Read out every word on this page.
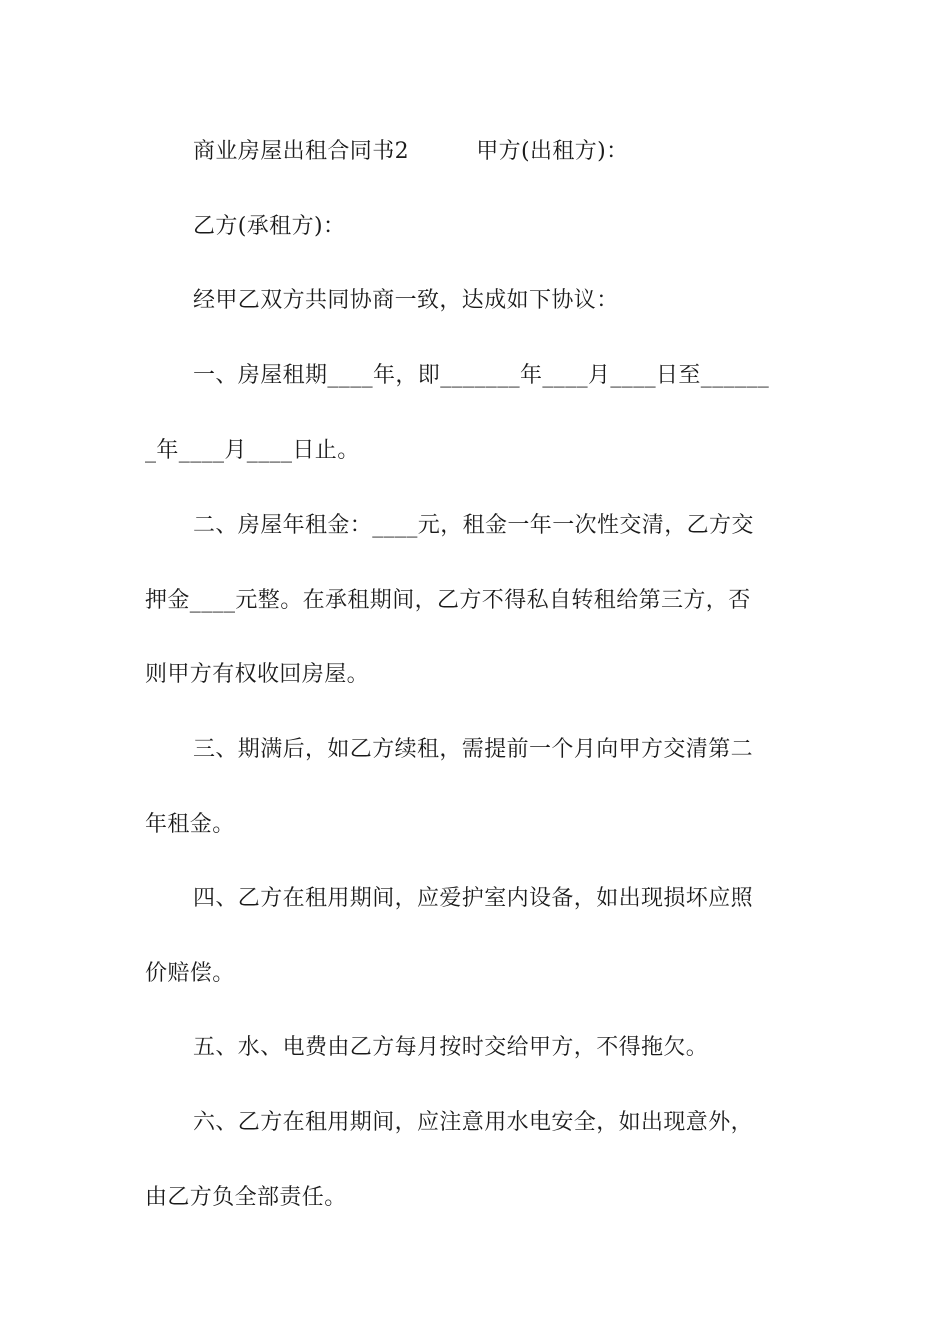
商业房屋出租合同书2　　　甲方(出租方)：
乙方(承租方)：
经甲乙双方共同协商一致，达成如下协议：
一、房屋租期____年，即_______年____月____日至______
_年____月____日止。
二、房屋年租金：____元，租金一年一次性交清，乙方交
押金____元整。在承租期间，乙方不得私自转租给第三方，否
则甲方有权收回房屋。
三、期满后，如乙方续租，需提前一个月向甲方交清第二
年租金。
四、乙方在租用期间，应爱护室内设备，如出现损坏应照
价赔偿。
五、水、电费由乙方每月按时交给甲方，不得拖欠。
六、乙方在租用期间，应注意用水电安全，如出现意外，
由乙方负全部责任。
